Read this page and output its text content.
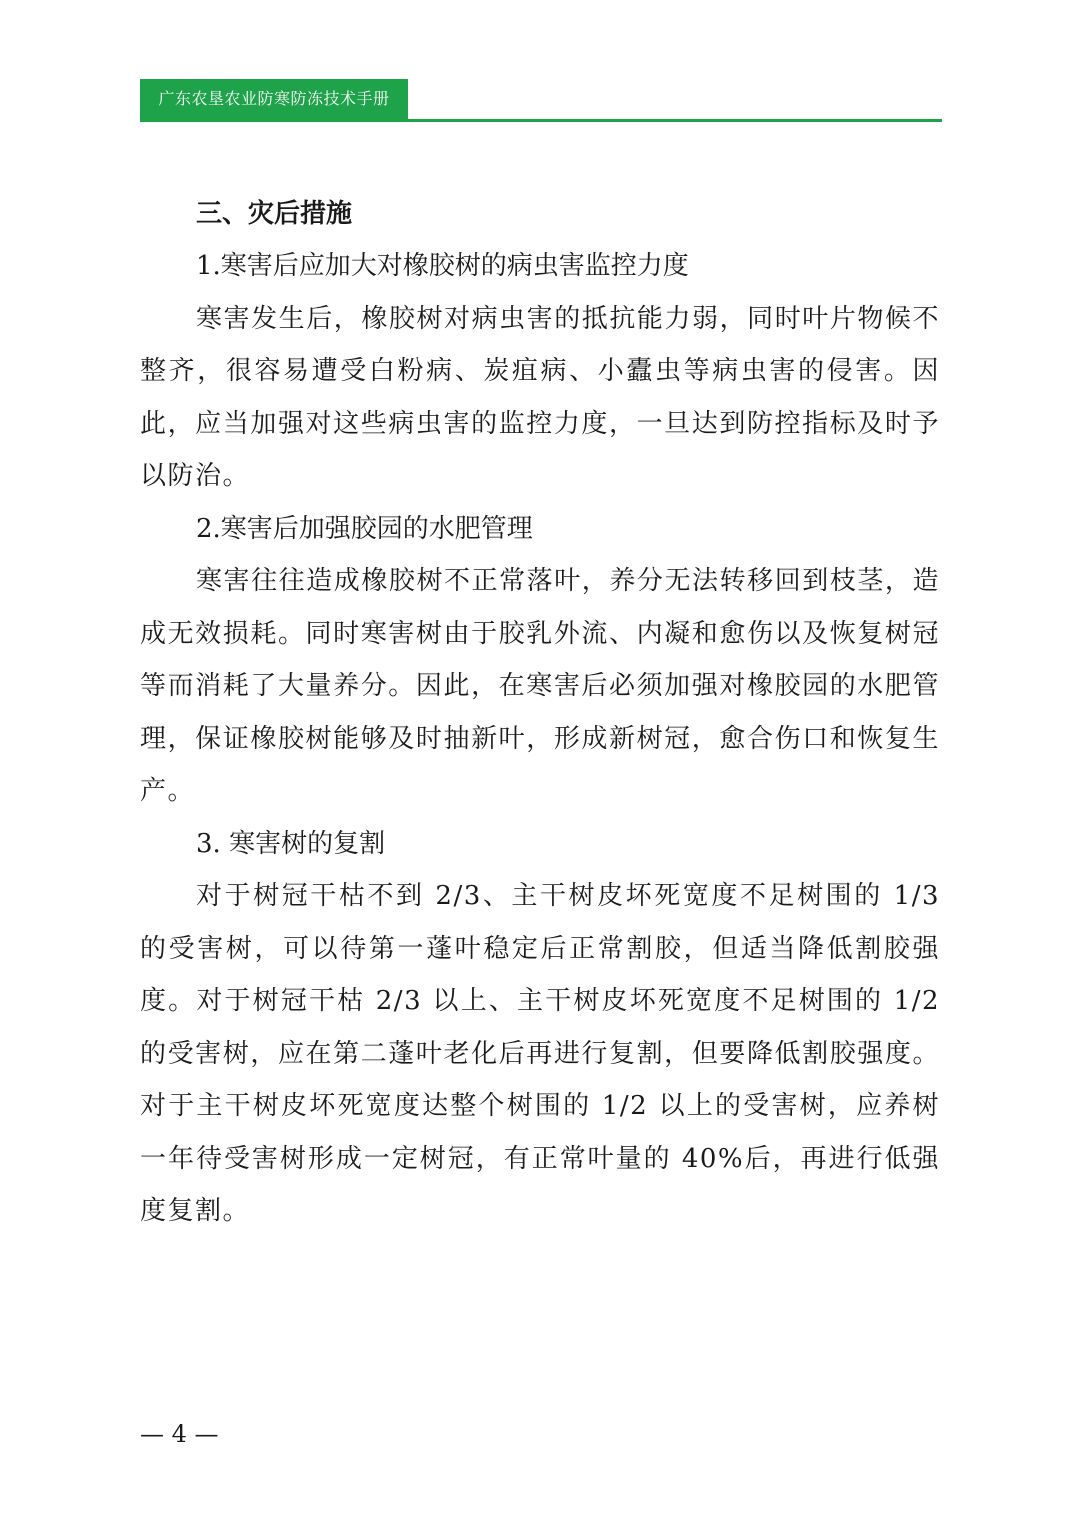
广东农垦农业防寒防冻技术手册
三、灾后措施

1.寒害后应加大对橡胶树的病虫害监控力度

寒害发生后，橡胶树对病虫害的抵抗能力弱，同时叶片物候不整齐，很容易遭受白粉病、炭疽病、小蠹虫等病虫害的侵害。因此，应当加强对这些病虫害的监控力度，一旦达到防控指标及时予以防治。

2.寒害后加强胶园的水肥管理

寒害往往造成橡胶树不正常落叶，养分无法转移回到枝茎，造成无效损耗。同时寒害树由于胶乳外流、内凝和愈伤以及恢复树冠等而消耗了大量养分。因此，在寒害后必须加强对橡胶园的水肥管理，保证橡胶树能够及时抽新叶，形成新树冠，愈合伤口和恢复生产。

3. 寒害树的复割

对于树冠干枯不到 2/3、主干树皮坏死宽度不足树围的 1/3 的受害树，可以待第一蓬叶稳定后正常割胶，但适当降低割胶强度。对于树冠干枯 2/3 以上、主干树皮坏死宽度不足树围的 1/2 的受害树，应在第二蓬叶老化后再进行复割，但要降低割胶强度。对于主干树皮坏死宽度达整个树围的 1/2 以上的受害树，应养树一年待受害树形成一定树冠，有正常叶量的 40%后，再进行低强度复割。

— 4 —
